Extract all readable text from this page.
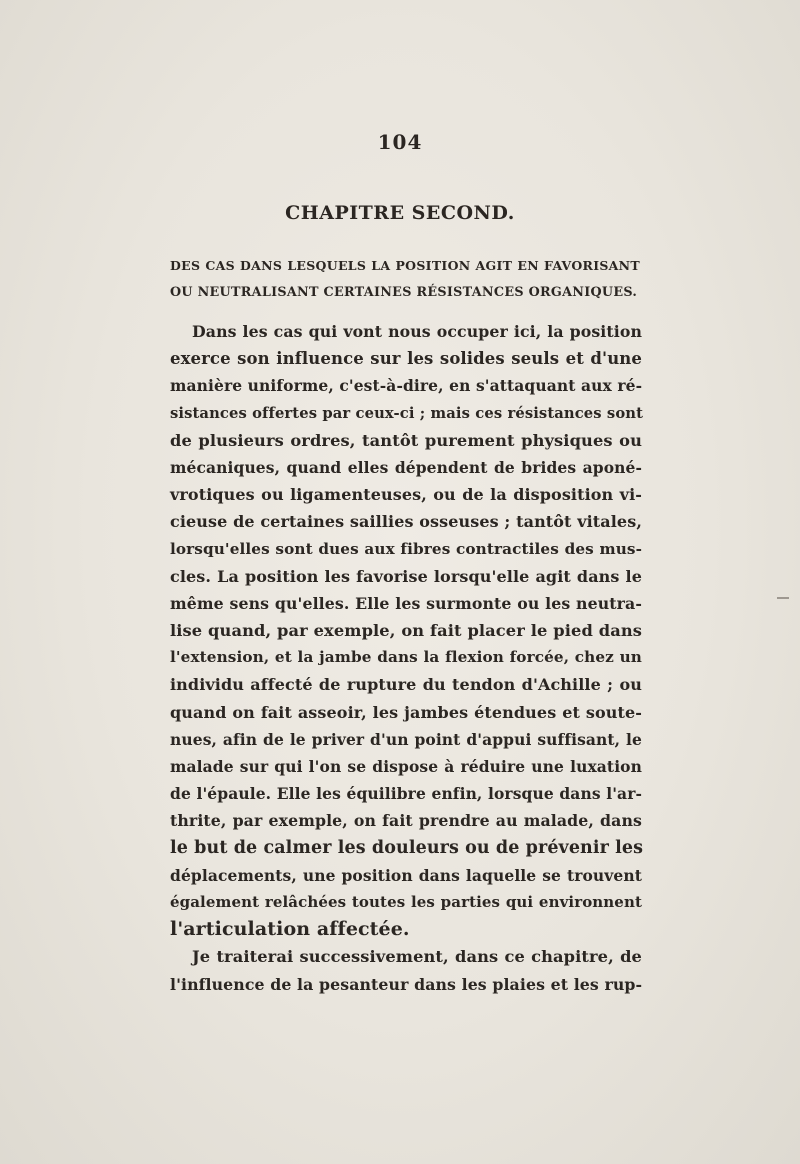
104
CHAPITRE SECOND.
DES CAS DANS LESQUELS LA POSITION AGIT EN FAVORISANT
OU NEUTRALISANT CERTAINES RÉSISTANCES ORGANIQUES.
Dans les cas qui vont nous occuper ici, la position
exerce son influence sur les solides seuls et d'une
manière uniforme, c'est-à-dire, en s'attaquant aux ré-
sistances offertes par ceux-ci ; mais ces résistances sont
de plusieurs ordres, tantôt purement physiques ou
mécaniques, quand elles dépendent de brides aponé-
vrotiques ou ligamenteuses, ou de la disposition vi-
cieuse de certaines saillies osseuses ; tantôt vitales,
lorsqu'elles sont dues aux fibres contractiles des mus-
cles. La position les favorise lorsqu'elle agit dans le
même sens qu'elles. Elle les surmonte ou les neutra-
lise quand, par exemple, on fait placer le pied dans
l'extension, et la jambe dans la flexion forcée, chez un
individu affecté de rupture du tendon d'Achille ; ou
quand on fait asseoir, les jambes étendues et soute-
nues, afin de le priver d'un point d'appui suffisant, le
malade sur qui l'on se dispose à réduire une luxation
de l'épaule. Elle les équilibre enfin, lorsque dans l'ar-
thrite, par exemple, on fait prendre au malade, dans
le but de calmer les douleurs ou de prévenir les
déplacements, une position dans laquelle se trouvent
également relâchées toutes les parties qui environnent
l'articulation affectée.
Je traiterai successivement, dans ce chapitre, de
l'influence de la pesanteur dans les plaies et les rup-
